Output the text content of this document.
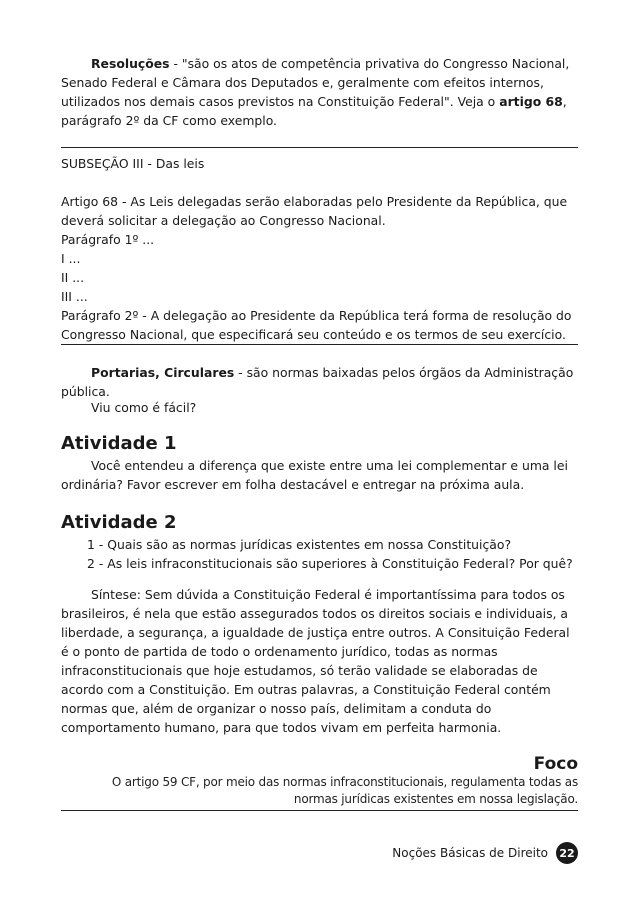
Resoluções - "são os atos de competência privativa do Congresso Nacional, Senado Federal e Câmara dos Deputados e, geralmente com efeitos internos, utilizados nos demais casos previstos na Constituição Federal". Veja o artigo 68, parágrafo 2º da CF como exemplo.

SUBSEÇÃO III - Das leis

Artigo 68 - As Leis delegadas serão elaboradas pelo Presidente da República, que deverá solicitar a delegação ao Congresso Nacional.

Parágrafo 1º ...

I ...

II ...

III ...

Parágrafo 2º - A delegação ao Presidente da República terá forma de resolução do Congresso Nacional, que especificará seu conteúdo e os termos de seu exercício.

Portarias, Circulares - são normas baixadas pelos órgãos da Administração pública.

Viu como é fácil?

Atividade 1

Você entendeu a diferença que existe entre uma lei complementar e uma lei ordinária? Favor escrever em folha destacável e entregar na próxima aula.

Atividade 2

1 - Quais são as normas jurídicas existentes em nossa Constituição?

2 - As leis infraconstitucionais são superiores à Constituição Federal? Por quê?

Síntese: Sem dúvida a Constituição Federal é importantíssima para todos os brasileiros, é nela que estão assegurados todos os direitos sociais e individuais, a liberdade, a segurança, a igualdade de justiça entre outros. A Consituição Federal é o ponto de partida de todo o ordenamento jurídico, todas as normas infraconstitucionais que hoje estudamos, só terão validade se elaboradas de acordo com a Constituição. Em outras palavras, a Constituição Federal contém normas que, além de organizar o nosso país, delimitam a conduta do comportamento humano, para que todos vivam em perfeita harmonia.

Foco
O artigo 59 CF, por meio das normas infraconstitucionais, regulamenta todas as
normas jurídicas existentes em nossa legislação.
Noções Básicas de Direito	22
